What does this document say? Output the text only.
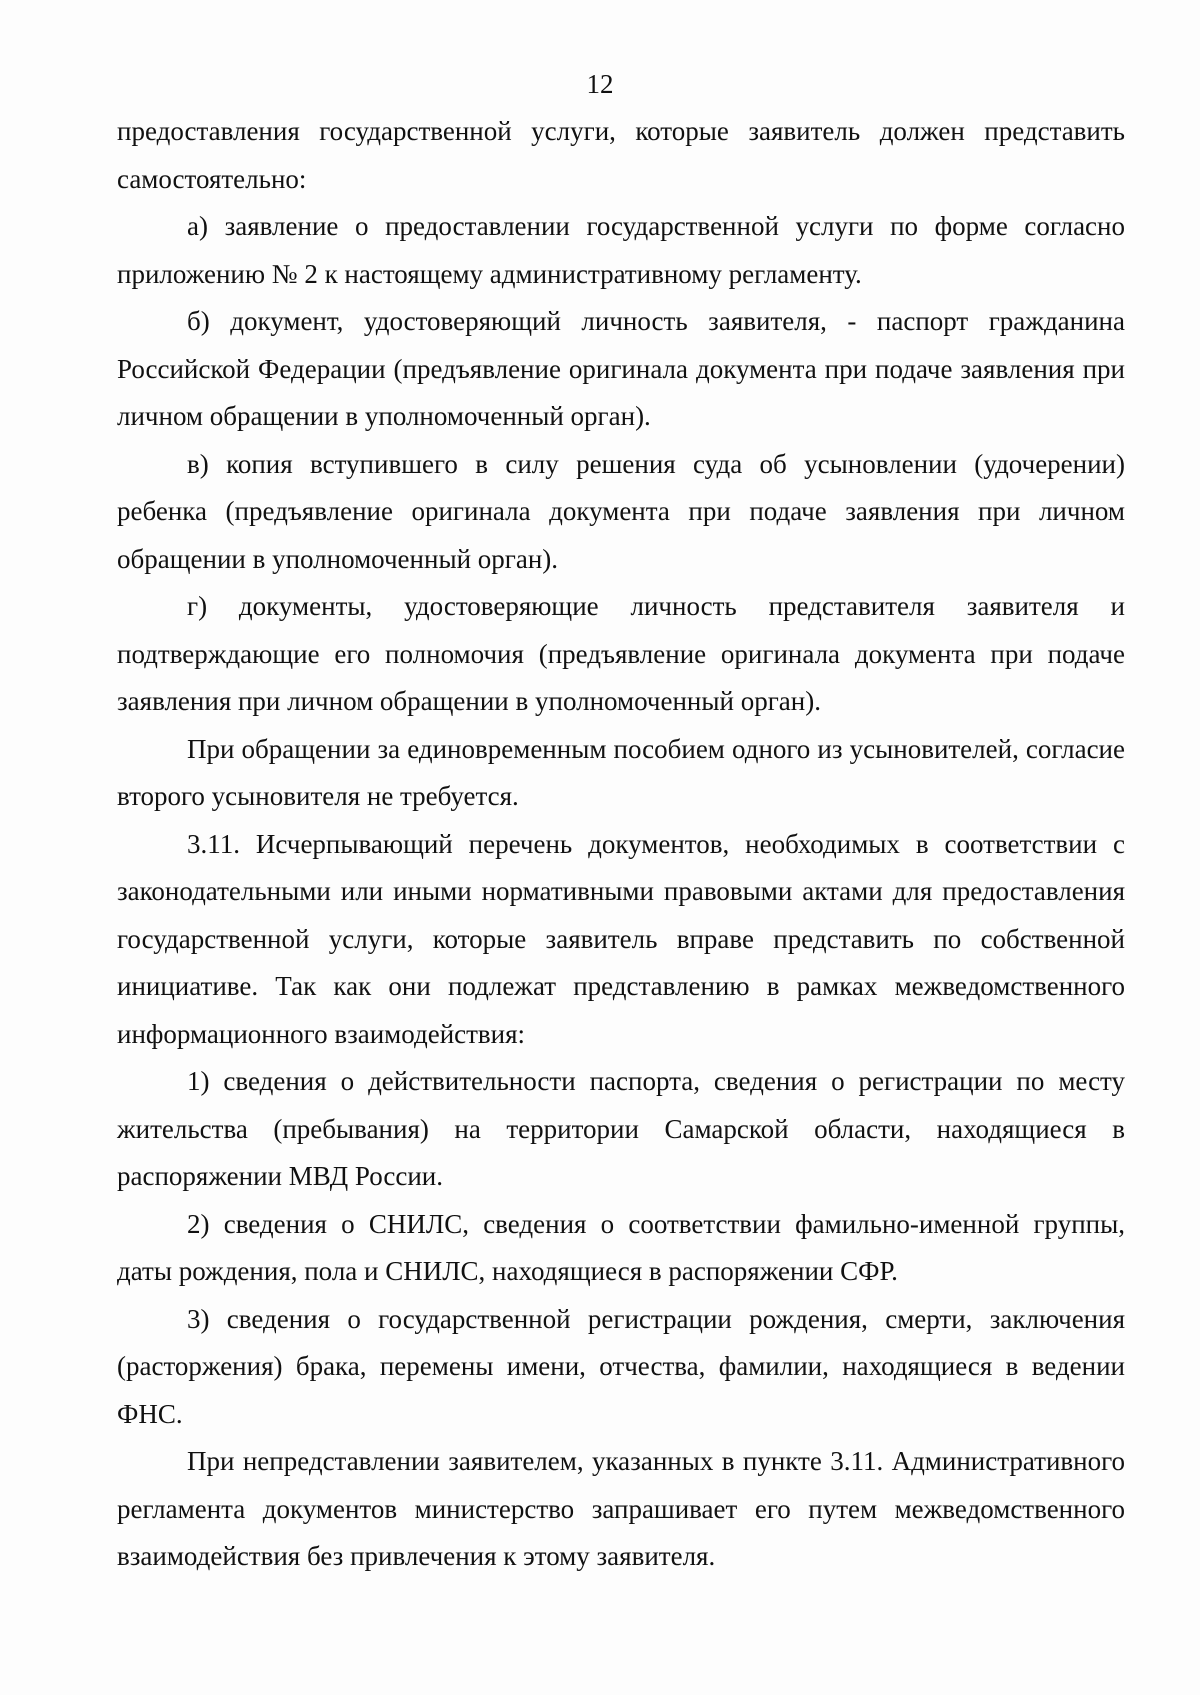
12

предоставления государственной услуги, которые заявитель должен представить самостоятельно:

а) заявление о предоставлении государственной услуги по форме согласно приложению № 2 к настоящему административному регламенту.

б) документ, удостоверяющий личность заявителя, - паспорт гражданина Российской Федерации (предъявление оригинала документа при подаче заявления при личном обращении в уполномоченный орган).

в) копия вступившего в силу решения суда об усыновлении (удочерении) ребенка (предъявление оригинала документа при подаче заявления при личном обращении в уполномоченный орган).

г) документы, удостоверяющие личность представителя заявителя и подтверждающие его полномочия (предъявление оригинала документа при подаче заявления при личном обращении в уполномоченный орган).

При обращении за единовременным пособием одного из усыновителей, согласие второго усыновителя не требуется.

3.11. Исчерпывающий перечень документов, необходимых в соответствии с законодательными или иными нормативными правовыми актами для предоставления государственной услуги, которые заявитель вправе представить по собственной инициативе. Так как они подлежат представлению в рамках межведомственного информационного взаимодействия:

1) сведения о действительности паспорта, сведения о регистрации по месту жительства (пребывания) на территории Самарской области, находящиеся в распоряжении МВД России.

2) сведения о СНИЛС, сведения о соответствии фамильно-именной группы, даты рождения, пола и СНИЛС, находящиеся в распоряжении СФР.

3) сведения о государственной регистрации рождения, смерти, заключения (расторжения) брака, перемены имени, отчества, фамилии, находящиеся в ведении ФНС.

При непредставлении заявителем, указанных в пункте 3.11. Административного регламента документов министерство запрашивает его путем межведомственного взаимодействия без привлечения к этому заявителя.
